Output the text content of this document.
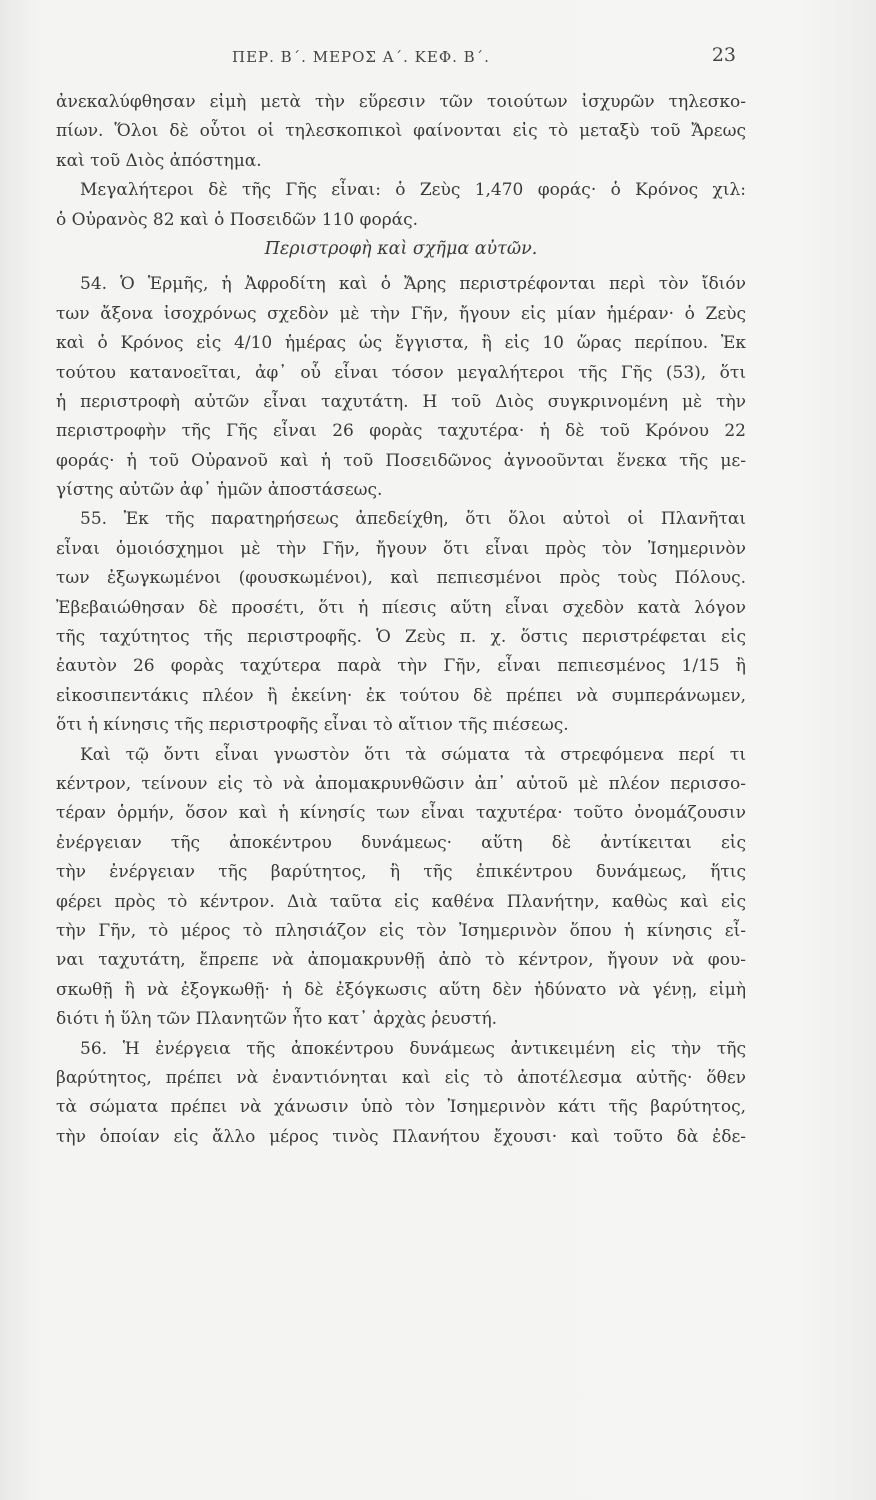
ΠΕΡ. Β΄. ΜΕΡΟΣ Α΄. ΚΕΦ. Β΄.	23
ἀνεκαλύφθησαν εἰμὴ μετὰ τὴν εὕρεσιν τῶν τοιούτων ἰσχυρῶν τηλεσκο-
πίων. Ὅλοι δὲ οὗτοι οἱ τηλεσκοπικοὶ φαίνονται εἰς τὸ μεταξὺ τοῦ Ἄρεως
καὶ τοῦ Διὸς ἀπόστημα.
Μεγαλήτεροι δὲ τῆς Γῆς εἶναι: ὁ Ζεὺς 1,470 φοράς· ὁ Κρόνος χιλ:
ὁ Οὐρανὸς 82 καὶ ὁ Ποσειδῶν 110 φοράς.
Περιστροφὴ καὶ σχῆμα αὐτῶν.
54. Ὁ Ἑρμῆς, ἡ Ἀφροδίτη καὶ ὁ Ἄρης περιστρέφονται περὶ τὸν ἴδιόν
των ἄξονα ἰσοχρόνως σχεδὸν μὲ τὴν Γῆν, ἤγουν εἰς μίαν ἡμέραν· ὁ Ζεὺς
καὶ ὁ Κρόνος εἰς 4/10 ἡμέρας ὡς ἔγγιστα, ἢ εἰς 10 ὥρας περίπου. Ἐκ
τούτου κατανοεῖται, ἀφ᾽ οὗ εἶναι τόσον μεγαλήτεροι τῆς Γῆς (53), ὅτι
ἡ περιστροφὴ αὐτῶν εἶναι ταχυτάτη. Η τοῦ Διὸς συγκρινομένη μὲ τὴν
περιστροφὴν τῆς Γῆς εἶναι 26 φορὰς ταχυτέρα· ἡ δὲ τοῦ Κρόνου 22
φοράς· ἡ τοῦ Οὐρανοῦ καὶ ἡ τοῦ Ποσειδῶνος ἀγνοοῦνται ἕνεκα τῆς με-
γίστης αὐτῶν ἀφ᾽ ἡμῶν ἀποστάσεως.
55. Ἐκ τῆς παρατηρήσεως ἀπεδείχθη, ὅτι ὅλοι αὐτοὶ οἱ Πλανῆται
εἶναι ὁμοιόσχημοι μὲ τὴν Γῆν, ἤγουν ὅτι εἶναι πρὸς τὸν Ἰσημερινὸν
των ἐξωγκωμένοι (φουσκωμένοι), καὶ πεπιεσμένοι πρὸς τοὺς Πόλους.
Ἐβεβαιώθησαν δὲ προσέτι, ὅτι ἡ πίεσις αὕτη εἶναι σχεδὸν κατὰ λόγον
τῆς ταχύτητος τῆς περιστροφῆς. Ὁ Ζεὺς π. χ. ὅστις περιστρέφεται εἰς
ἑαυτὸν 26 φορὰς ταχύτερα παρὰ τὴν Γῆν, εἶναι πεπιεσμένος 1/15 ἢ
εἰκοσιπεντάκις πλέον ἢ ἐκείνη· ἐκ τούτου δὲ πρέπει νὰ συμπεράνωμεν,
ὅτι ἡ κίνησις τῆς περιστροφῆς εἶναι τὸ αἴτιον τῆς πιέσεως.
Καὶ τῷ ὄντι εἶναι γνωστὸν ὅτι τὰ σώματα τὰ στρεφόμενα περί τι
κέντρον, τείνουν εἰς τὸ νὰ ἀπομακρυνθῶσιν ἀπ᾽ αὐτοῦ μὲ πλέον περισσο-
τέραν ὁρμήν, ὅσον καὶ ἡ κίνησίς των εἶναι ταχυτέρα· τοῦτο ὀνομάζουσιν
ἐνέργειαν τῆς ἀποκέντρου δυνάμεως· αὕτη δὲ ἀντίκειται εἰς
τὴν ἐνέργειαν τῆς βαρύτητος, ἢ τῆς ἐπικέντρου δυνάμεως, ἥτις
φέρει πρὸς τὸ κέντρον. Διὰ ταῦτα εἰς καθένα Πλανήτην, καθὼς καὶ εἰς
τὴν Γῆν, τὸ μέρος τὸ πλησιάζον εἰς τὸν Ἰσημερινὸν ὅπου ἡ κίνησις εἶ-
ναι ταχυτάτη, ἔπρεπε νὰ ἀπομακρυνθῇ ἀπὸ τὸ κέντρον, ἤγουν νὰ φου-
σκωθῇ ἢ νὰ ἐξογκωθῇ· ἡ δὲ ἐξόγκωσις αὕτη δὲν ἠδύνατο νὰ γένῃ, εἰμὴ
διότι ἡ ὕλη τῶν Πλανητῶν ἦτο κατ᾽ ἀρχὰς ῥευστή.
56. Ἡ ἐνέργεια τῆς ἀποκέντρου δυνάμεως ἀντικειμένη εἰς τὴν τῆς
βαρύτητος, πρέπει νὰ ἐναντιόνηται καὶ εἰς τὸ ἀποτέλεσμα αὐτῆς· ὅθεν
τὰ σώματα πρέπει νὰ χάνωσιν ὑπὸ τὸν Ἰσημερινὸν κάτι τῆς βαρύτητος,
τὴν ὁποίαν εἰς ἄλλο μέρος τινὸς Πλανήτου ἔχουσι· καὶ τοῦτο δὰ ἐδε-
